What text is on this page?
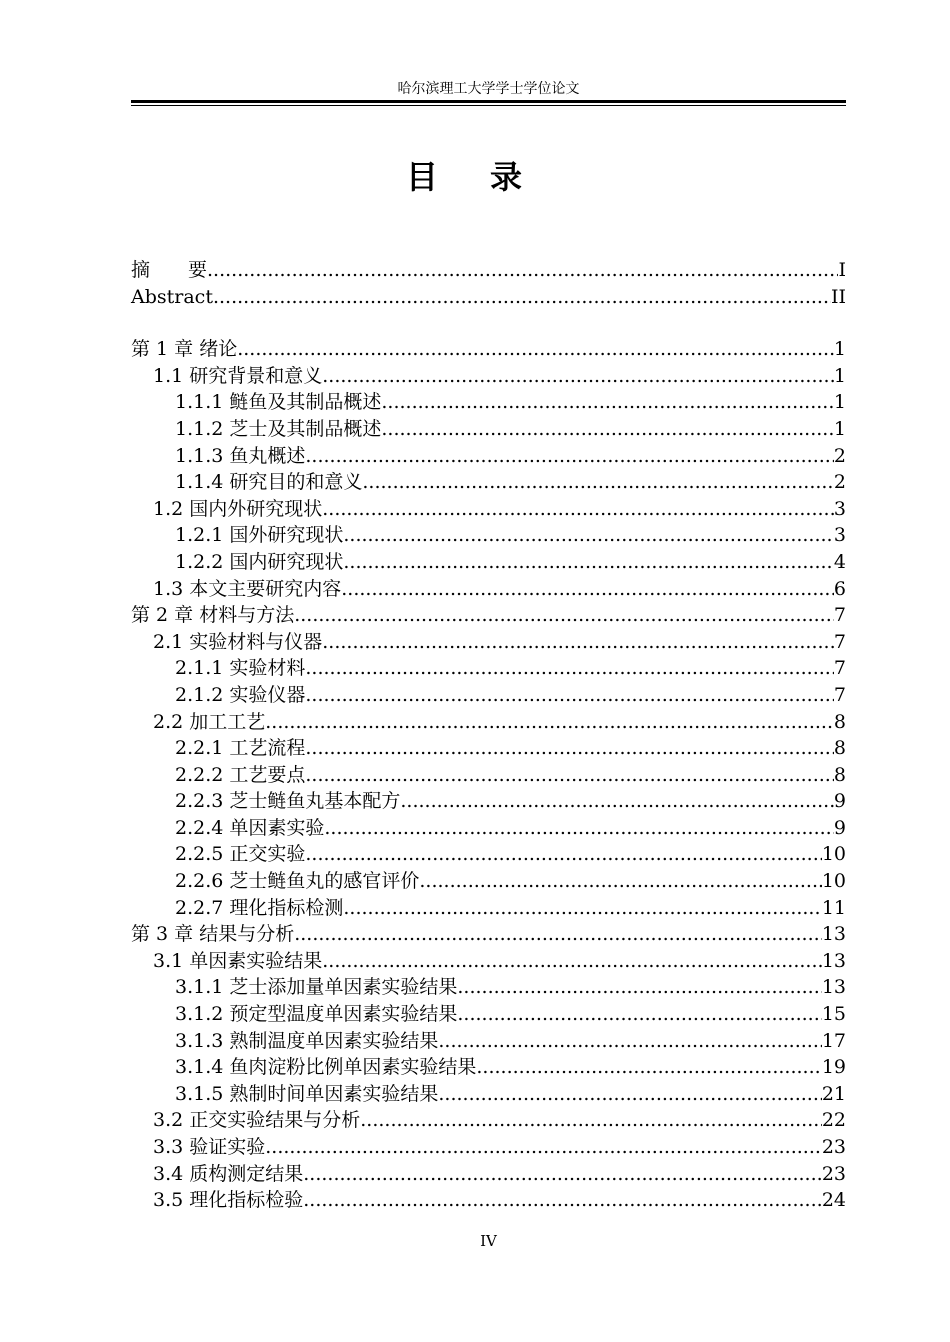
哈尔滨理工大学学士学位论文
目录
摘　　要 .....	I
Abstract .....	II
第 1 章 绪论 .....	1
1.1 研究背景和意义 .....	1
1.1.1 鲢鱼及其制品概述 .....	1
1.1.2 芝士及其制品概述 .....	1
1.1.3 鱼丸概述 .....	2
1.1.4 研究目的和意义 .....	2
1.2 国内外研究现状 .....	3
1.2.1 国外研究现状 .....	3
1.2.2 国内研究现状 .....	4
1.3 本文主要研究内容 .....	6
第 2 章 材料与方法 .....	7
2.1 实验材料与仪器 .....	7
2.1.1 实验材料 .....	7
2.1.2 实验仪器 .....	7
2.2 加工工艺 .....	8
2.2.1 工艺流程 .....	8
2.2.2 工艺要点 .....	8
2.2.3 芝士鲢鱼丸基本配方 .....	9
2.2.4 单因素实验 .....	9
2.2.5 正交实验 .....	10
2.2.6 芝士鲢鱼丸的感官评价 .....	10
2.2.7 理化指标检测 .....	11
第 3 章 结果与分析 .....	13
3.1 单因素实验结果 .....	13
3.1.1 芝士添加量单因素实验结果 .....	13
3.1.2 预定型温度单因素实验结果 .....	15
3.1.3 熟制温度单因素实验结果 .....	17
3.1.4 鱼肉淀粉比例单因素实验结果 .....	19
3.1.5 熟制时间单因素实验结果 .....	21
3.2 正交实验结果与分析 .....	22
3.3 验证实验 .....	23
3.4 质构测定结果 .....	23
3.5 理化指标检验 .....	24
IV
